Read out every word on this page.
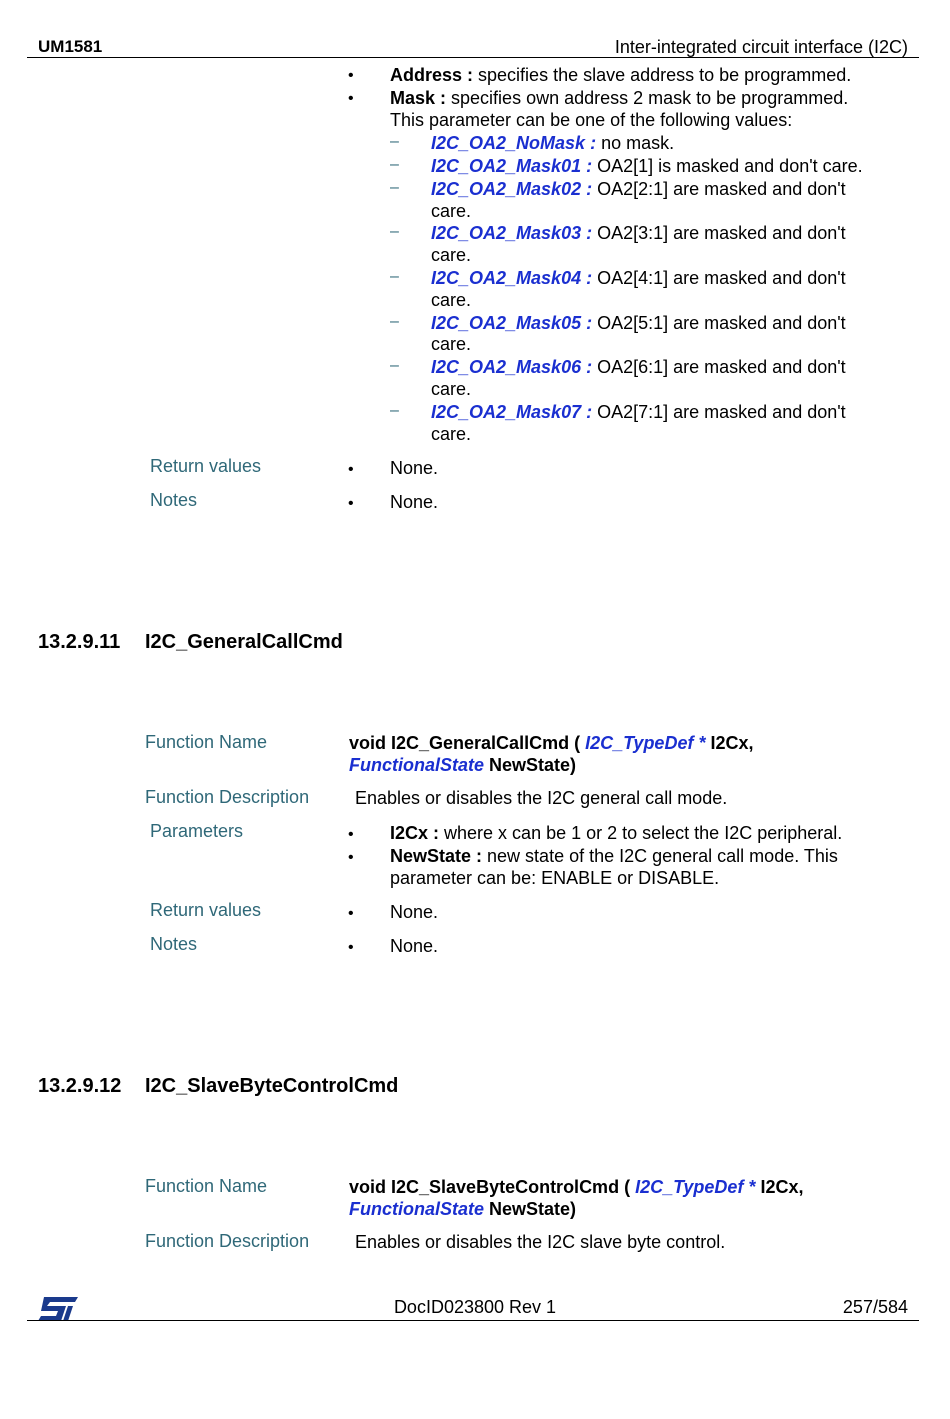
UM1581	Inter-integrated circuit interface (I2C)
• Address : specifies the slave address to be programmed.
• Mask : specifies own address 2 mask to be programmed.
This parameter can be one of the following values:
– I2C_OA2_NoMask : no mask.
– I2C_OA2_Mask01 : OA2[1] is masked and don't care.
– I2C_OA2_Mask02 : OA2[2:1] are masked and don't
care.
– I2C_OA2_Mask03 : OA2[3:1] are masked and don't
care.
– I2C_OA2_Mask04 : OA2[4:1] are masked and don't
care.
– I2C_OA2_Mask05 : OA2[5:1] are masked and don't
care.
– I2C_OA2_Mask06 : OA2[6:1] are masked and don't
care.
– I2C_OA2_Mask07 : OA2[7:1] are masked and don't
care.
Return values	• None.
Notes	• None.
13.2.9.11 I2C_GeneralCallCmd
Function Name	void I2C_GeneralCallCmd ( I2C_TypeDef * I2Cx,
FunctionalState NewState)
Function Description	Enables or disables the I2C general call mode.
Parameters	• I2Cx : where x can be 1 or 2 to select the I2C peripheral.
• NewState : new state of the I2C general call mode. This
parameter can be: ENABLE or DISABLE.
Return values	• None.
Notes	• None.
13.2.9.12 I2C_SlaveByteControlCmd
Function Name	void I2C_SlaveByteControlCmd ( I2C_TypeDef * I2Cx,
FunctionalState NewState)
Function Description	Enables or disables the I2C slave byte control.
DocID023800 Rev 1	257/584
